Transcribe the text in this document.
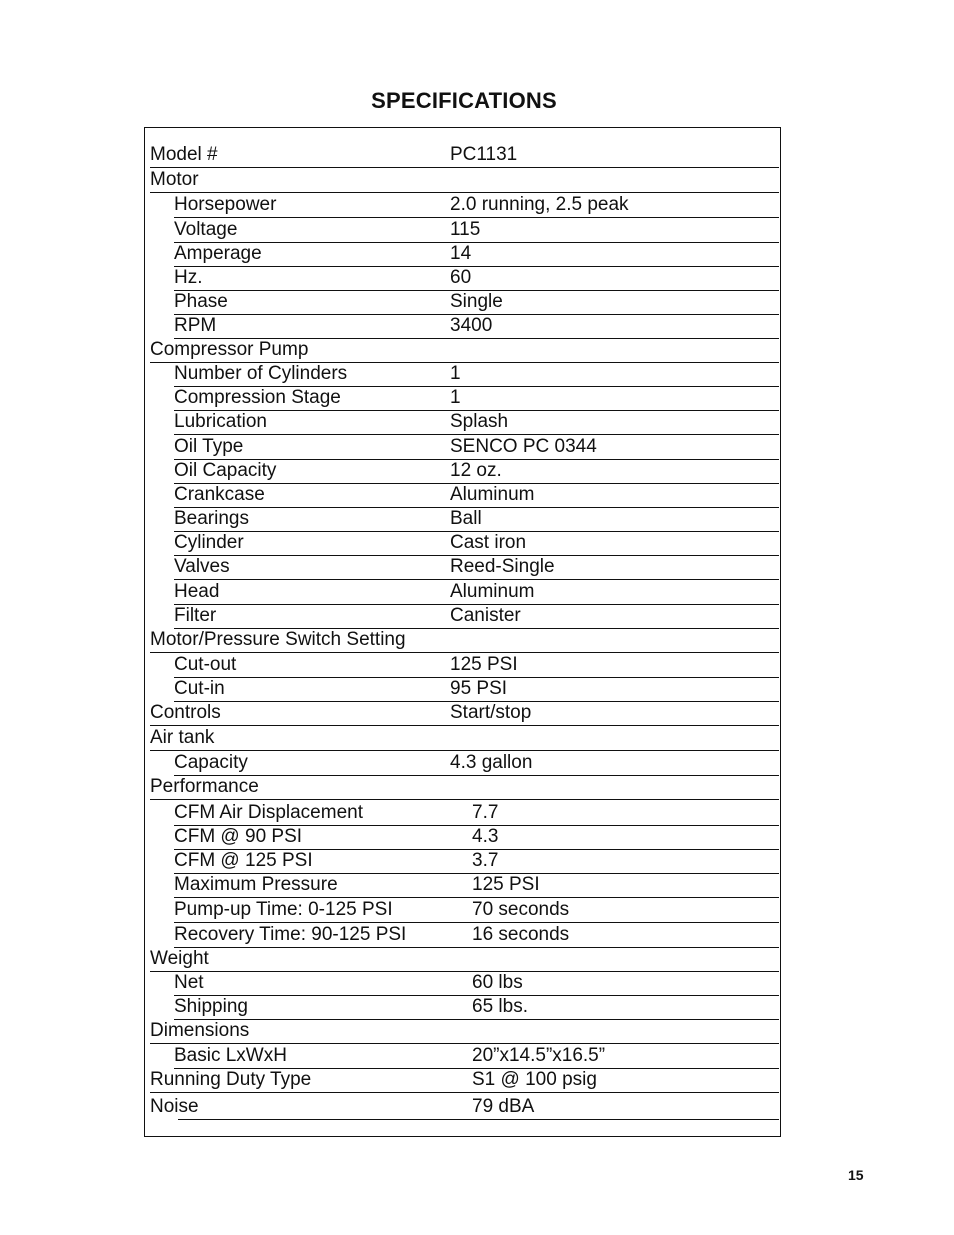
SPECIFICATIONS
Model #	PC1131
Motor
Horsepower	2.0 running, 2.5 peak
Voltage	115
Amperage	14
Hz.	60
Phase	Single
RPM	3400
Compressor Pump
Number of Cylinders	1
Compression Stage	1
Lubrication	Splash
Oil Type	SENCO PC 0344
Oil Capacity	12 oz.
Crankcase	Aluminum
Bearings	Ball
Cylinder	Cast iron
Valves	Reed-Single
Head	Aluminum
Filter	Canister
Motor/Pressure Switch Setting
Cut-out	125 PSI
Cut-in	95 PSI
Controls	Start/stop
Air tank
Capacity	4.3 gallon
Performance
CFM Air Displacement	7.7
CFM @ 90 PSI	4.3
CFM @ 125 PSI	3.7
Maximum Pressure	125 PSI
Pump-up Time: 0-125 PSI	70 seconds
Recovery Time: 90-125 PSI	16 seconds
Weight
Net	60 lbs
Shipping	65 lbs.
Dimensions
Basic LxWxH	20”x14.5”x16.5”
Running Duty Type	S1 @ 100 psig
Noise	79 dBA
15
